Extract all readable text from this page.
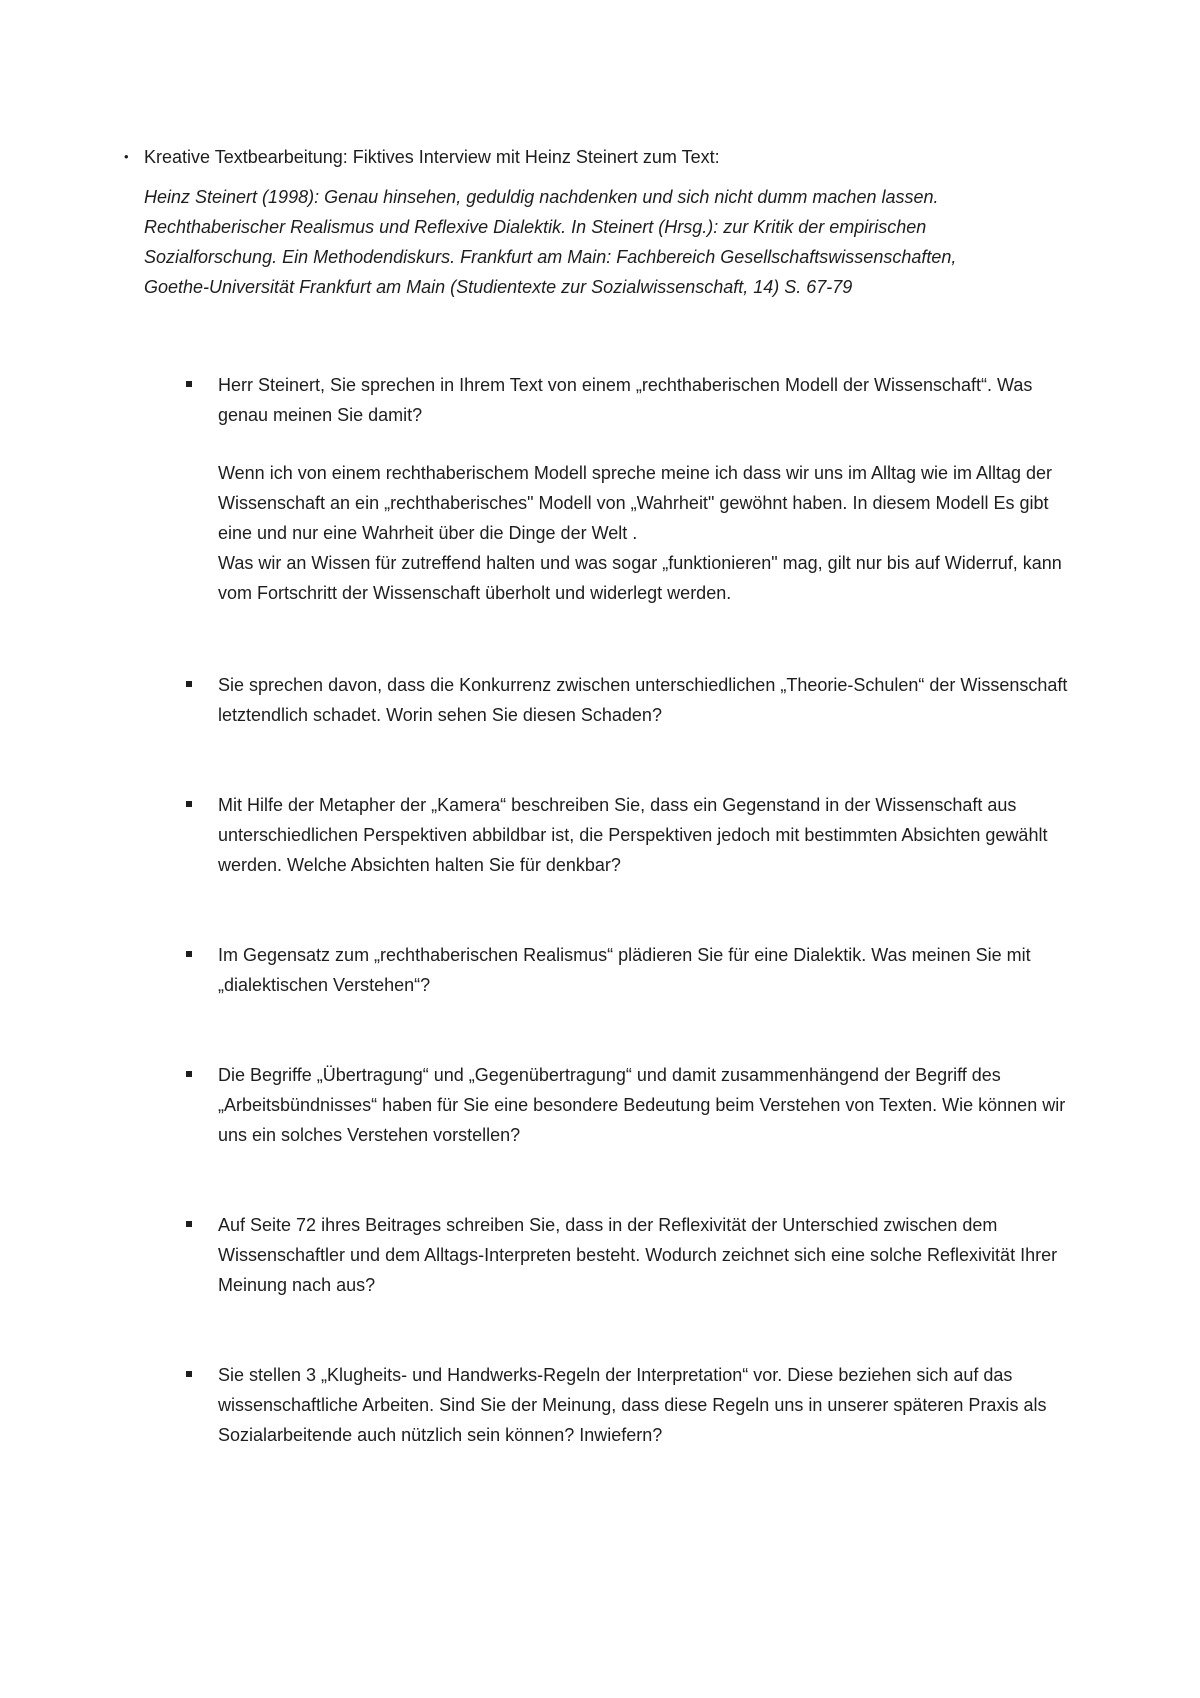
• Kreative Textbearbeitung: Fiktives Interview mit Heinz Steinert zum Text:
Heinz Steinert (1998): Genau hinsehen, geduldig nachdenken und sich nicht dumm machen lassen.
Rechthaberischer Realismus und Reflexive Dialektik. In Steinert (Hrsg.): zur Kritik der empirischen
Sozialforschung. Ein Methodendiskurs. Frankfurt am Main: Fachbereich Gesellschaftswissenschaften,
Goethe-Universität Frankfurt am Main (Studientexte zur Sozialwissenschaft, 14) S. 67-79
Herr Steinert, Sie sprechen in Ihrem Text von einem „rechthaberischen Modell der Wissenschaft“. Was genau meinen Sie damit?

Wenn ich von einem rechthaberischem Modell spreche meine ich dass wir uns im Alltag wie im Alltag der Wissenschaft an ein „rechthaberisches" Modell von „Wahrheit" gewöhnt haben. In diesem Modell Es gibt eine und nur eine Wahrheit über die Dinge der Welt .

Was wir an Wissen für zutreffend halten und was sogar „funktionieren" mag, gilt nur bis auf Widerruf, kann vom Fortschritt der Wissenschaft überholt und widerlegt werden.

Sie sprechen davon, dass die Konkurrenz zwischen unterschiedlichen „Theorie-Schulen“ der Wissenschaft letztendlich schadet. Worin sehen Sie diesen Schaden?
Mit Hilfe der Metapher der „Kamera“ beschreiben Sie, dass ein Gegenstand in der Wissenschaft aus unterschiedlichen Perspektiven abbildbar ist, die Perspektiven jedoch mit bestimmten Absichten gewählt werden. Welche Absichten halten Sie für denkbar?
Im Gegensatz zum „rechthaberischen Realismus“ plädieren Sie für eine Dialektik. Was meinen Sie mit „dialektischen Verstehen“?
Die Begriffe „Übertragung“ und „Gegenübertragung“ und damit zusammenhängend der Begriff des „Arbeitsbündnisses“ haben für Sie eine besondere Bedeutung beim Verstehen von Texten. Wie können wir uns ein solches Verstehen vorstellen?
Auf Seite 72 ihres Beitrages schreiben Sie, dass in der Reflexivität der Unterschied zwischen dem Wissenschaftler und dem Alltags-Interpreten besteht. Wodurch zeichnet sich eine solche Reflexivität Ihrer Meinung nach aus?
Sie stellen 3 „Klugheits- und Handwerks-Regeln der Interpretation“ vor. Diese beziehen sich auf das wissenschaftliche Arbeiten. Sind Sie der Meinung, dass diese Regeln uns in unserer späteren Praxis als Sozialarbeitende auch nützlich sein können? Inwiefern?
